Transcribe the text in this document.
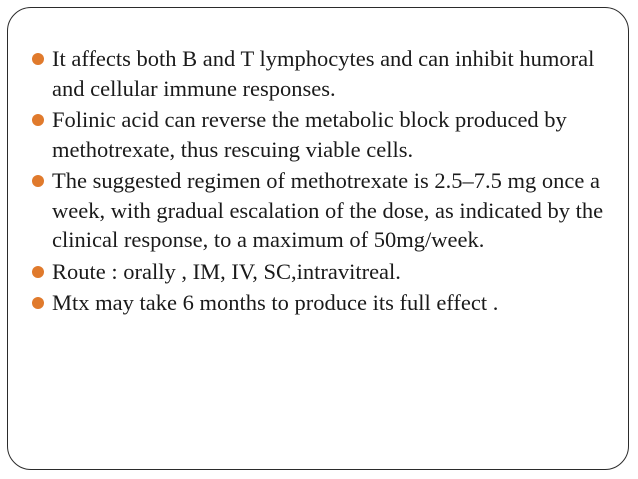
It affects both B and T lymphocytes and can inhibit humoral and cellular immune responses.
Folinic acid can reverse the metabolic block produced by methotrexate, thus rescuing viable cells.
The suggested regimen of methotrexate is 2.5–7.5 mg once a week, with gradual escalation of the dose, as indicated by the clinical response, to a maximum of 50mg/week.
Route : orally , IM, IV, SC,intravitreal.
Mtx may take 6 months to produce its full effect .
